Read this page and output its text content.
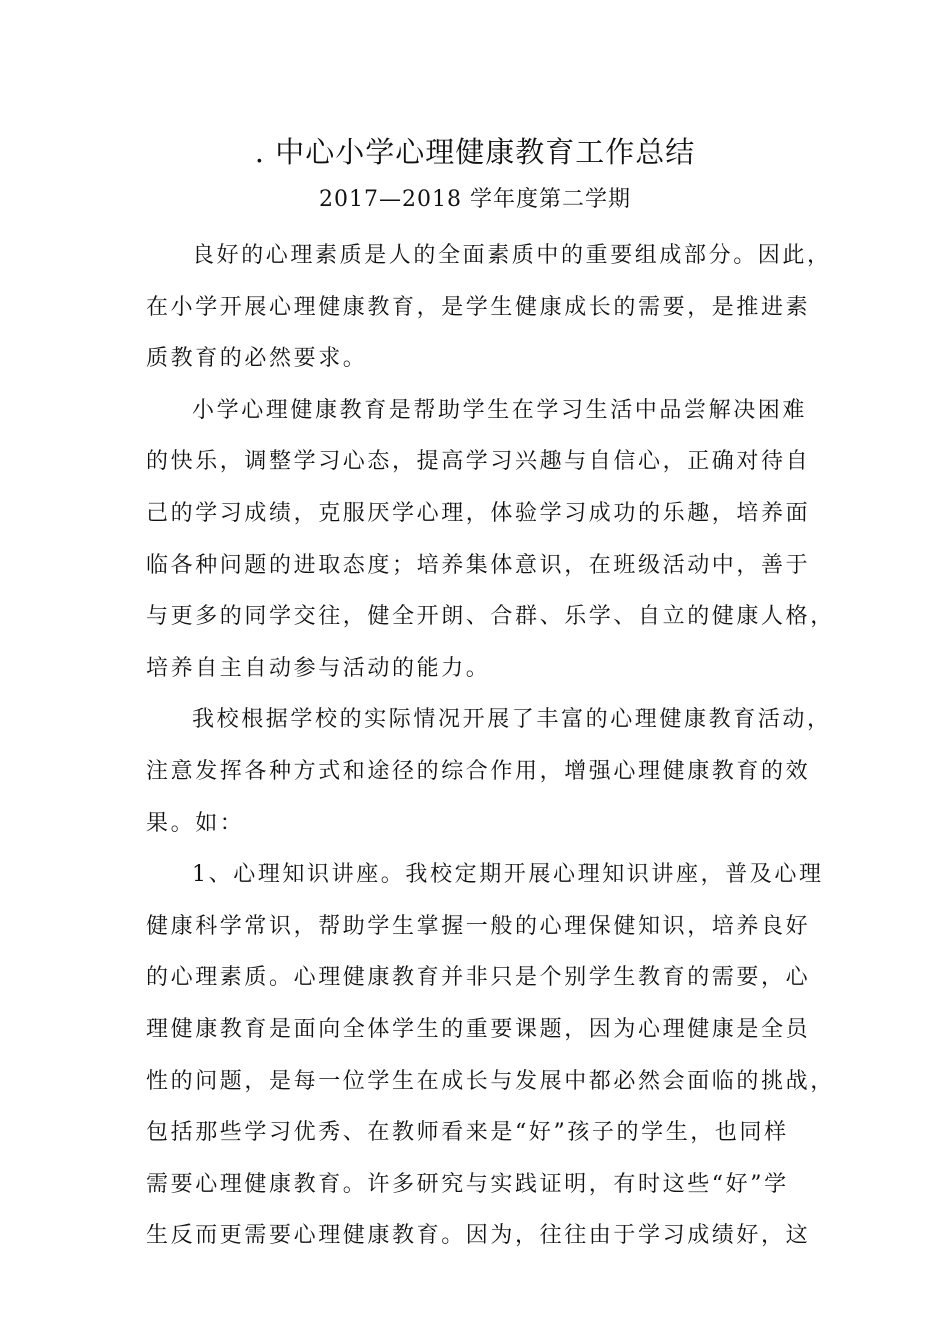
. 中心小学心理健康教育工作总结
2017—2018 学年度第二学期
良好的心理素质是人的全面素质中的重要组成部分。因此，
在小学开展心理健康教育，是学生健康成长的需要，是推进素
质教育的必然要求。
小学心理健康教育是帮助学生在学习生活中品尝解决困难
的快乐，调整学习心态，提高学习兴趣与自信心，正确对待自
己的学习成绩，克服厌学心理，体验学习成功的乐趣，培养面
临各种问题的进取态度；培养集体意识，在班级活动中，善于
与更多的同学交往，健全开朗、合群、乐学、自立的健康人格，
培养自主自动参与活动的能力。
我校根据学校的实际情况开展了丰富的心理健康教育活动，
注意发挥各种方式和途径的综合作用，增强心理健康教育的效
果。如：
1、心理知识讲座。我校定期开展心理知识讲座，普及心理
健康科学常识，帮助学生掌握一般的心理保健知识，培养良好
的心理素质。心理健康教育并非只是个别学生教育的需要，心
理健康教育是面向全体学生的重要课题，因为心理健康是全员
性的问题，是每一位学生在成长与发展中都必然会面临的挑战，
包括那些学习优秀、在教师看来是“好”孩子的学生，也同样
需要心理健康教育。许多研究与实践证明，有时这些“好”学
生反而更需要心理健康教育。因为，往往由于学习成绩好，这
